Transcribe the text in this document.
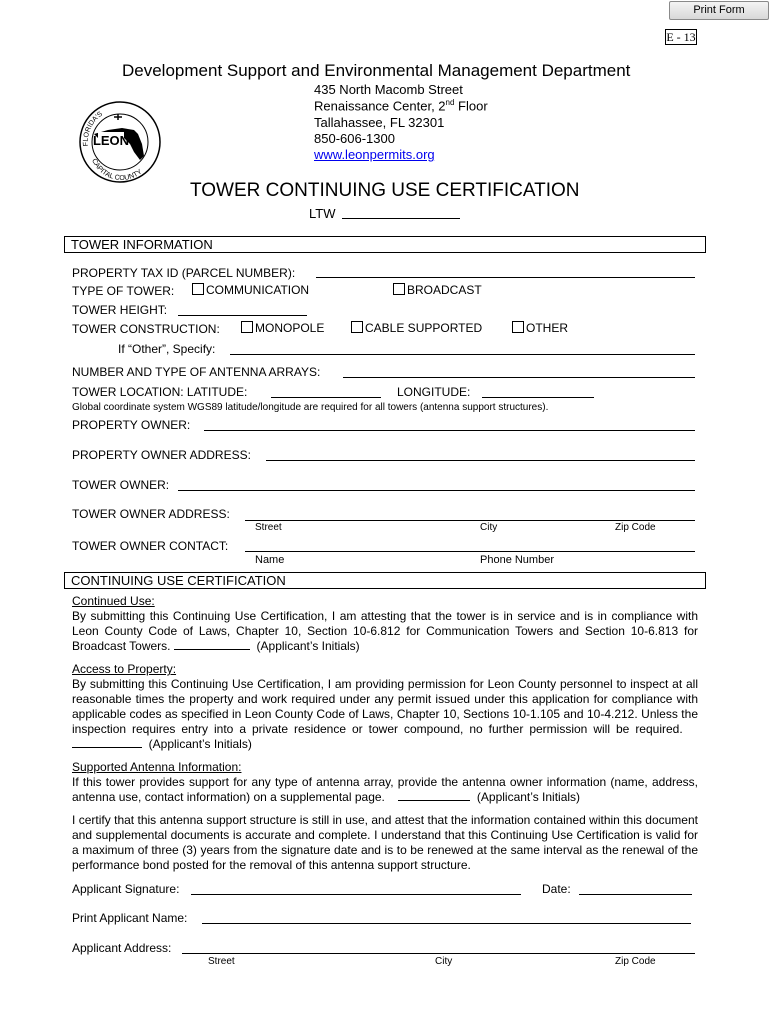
Print Form
E - 13
Development Support and Environmental Management Department
LEON
FLORIDA'S
CAPITAL COUNTY
435 North Macomb Street
Renaissance Center, 2nd Floor
Tallahassee, FL 32301
850-606-1300
www.leonpermits.org
TOWER CONTINUING USE CERTIFICATION
LTW
TOWER INFORMATION
PROPERTY TAX ID (PARCEL NUMBER):
TYPE OF TOWER:	COMMUNICATION	BROADCAST
TOWER HEIGHT:
TOWER CONSTRUCTION:	MONOPOLE	CABLE SUPPORTED	OTHER
If “Other”, Specify:
NUMBER AND TYPE OF ANTENNA ARRAYS:
TOWER LOCATION: LATITUDE:	LONGITUDE:
Global coordinate system WGS89 latitude/longitude are required for all towers (antenna support structures).
PROPERTY OWNER:
PROPERTY OWNER ADDRESS:
TOWER OWNER:
TOWER OWNER ADDRESS:
Street	City	Zip Code
TOWER OWNER CONTACT:
Name	Phone Number
CONTINUING USE CERTIFICATION
Continued Use:
By submitting this Continuing Use Certification, I am attesting that the tower is in service and is in compliance with Leon County Code of Laws, Chapter 10, Section 10-6.812 for Communication Towers and Section 10-6.813 for Broadcast Towers.	(Applicant’s Initials)
Access to Property:
By submitting this Continuing Use Certification, I am providing permission for Leon County personnel to inspect at all reasonable times the property and work required under any permit issued under this application for compliance with applicable codes as specified in Leon County Code of Laws, Chapter 10, Sections 10-1.105 and 10-4.212. Unless the inspection requires entry into a private residence or tower compound, no further permission will be required.     (Applicant’s Initials)
Supported Antenna Information:
If this tower provides support for any type of antenna array, provide the antenna owner information (name, address, antenna use, contact information) on a supplemental page.	(Applicant’s Initials)
I certify that this antenna support structure is still in use, and attest that the information contained within this document and supplemental documents is accurate and complete. I understand that this Continuing Use Certification is valid for a maximum of three (3) years from the signature date and is to be renewed at the same interval as the renewal of the performance bond posted for the removal of this antenna support structure.
Applicant Signature:	Date:
Print Applicant Name:
Applicant Address:
Street	City	Zip Code
